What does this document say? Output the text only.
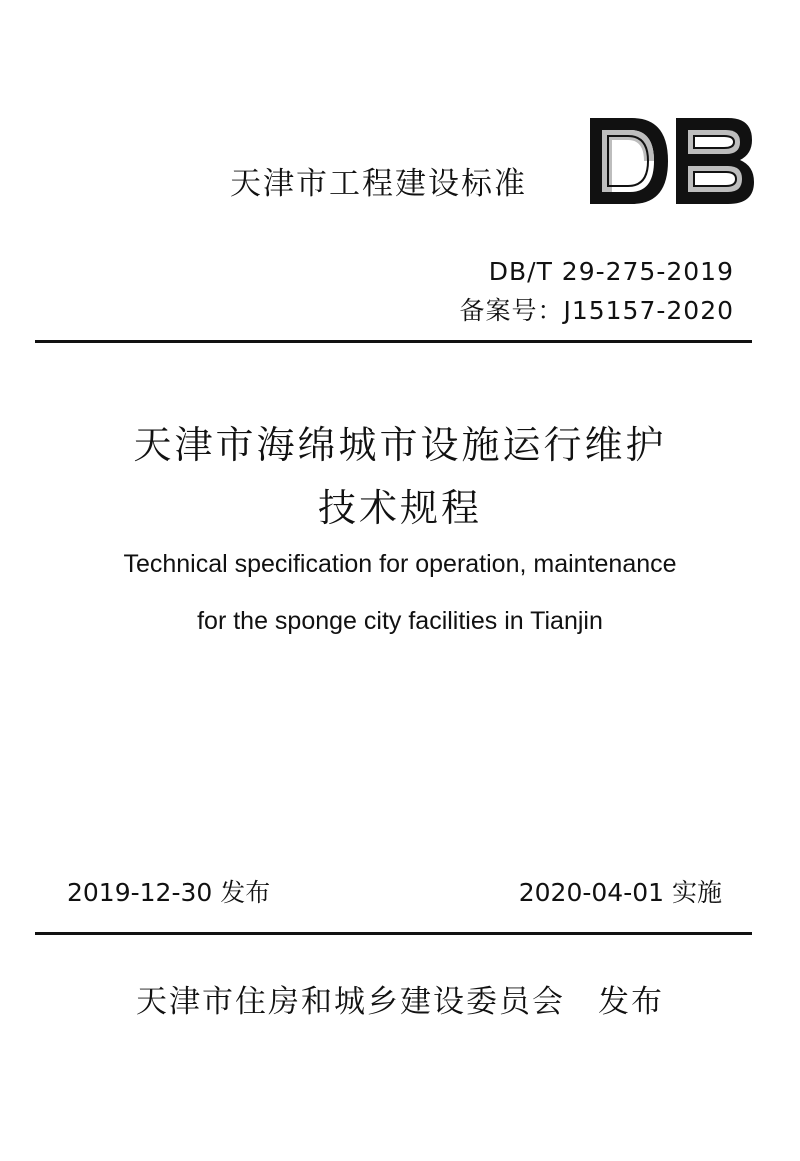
天津市工程建设标准
DB/T 29-275-2019
备案号：J15157-2020
天津市海绵城市设施运行维护
技术规程
Technical specification for operation, maintenance
for the sponge city facilities in Tianjin
2019-12-30 发布	2020-04-01 实施
天津市住房和城乡建设委员会　发布
